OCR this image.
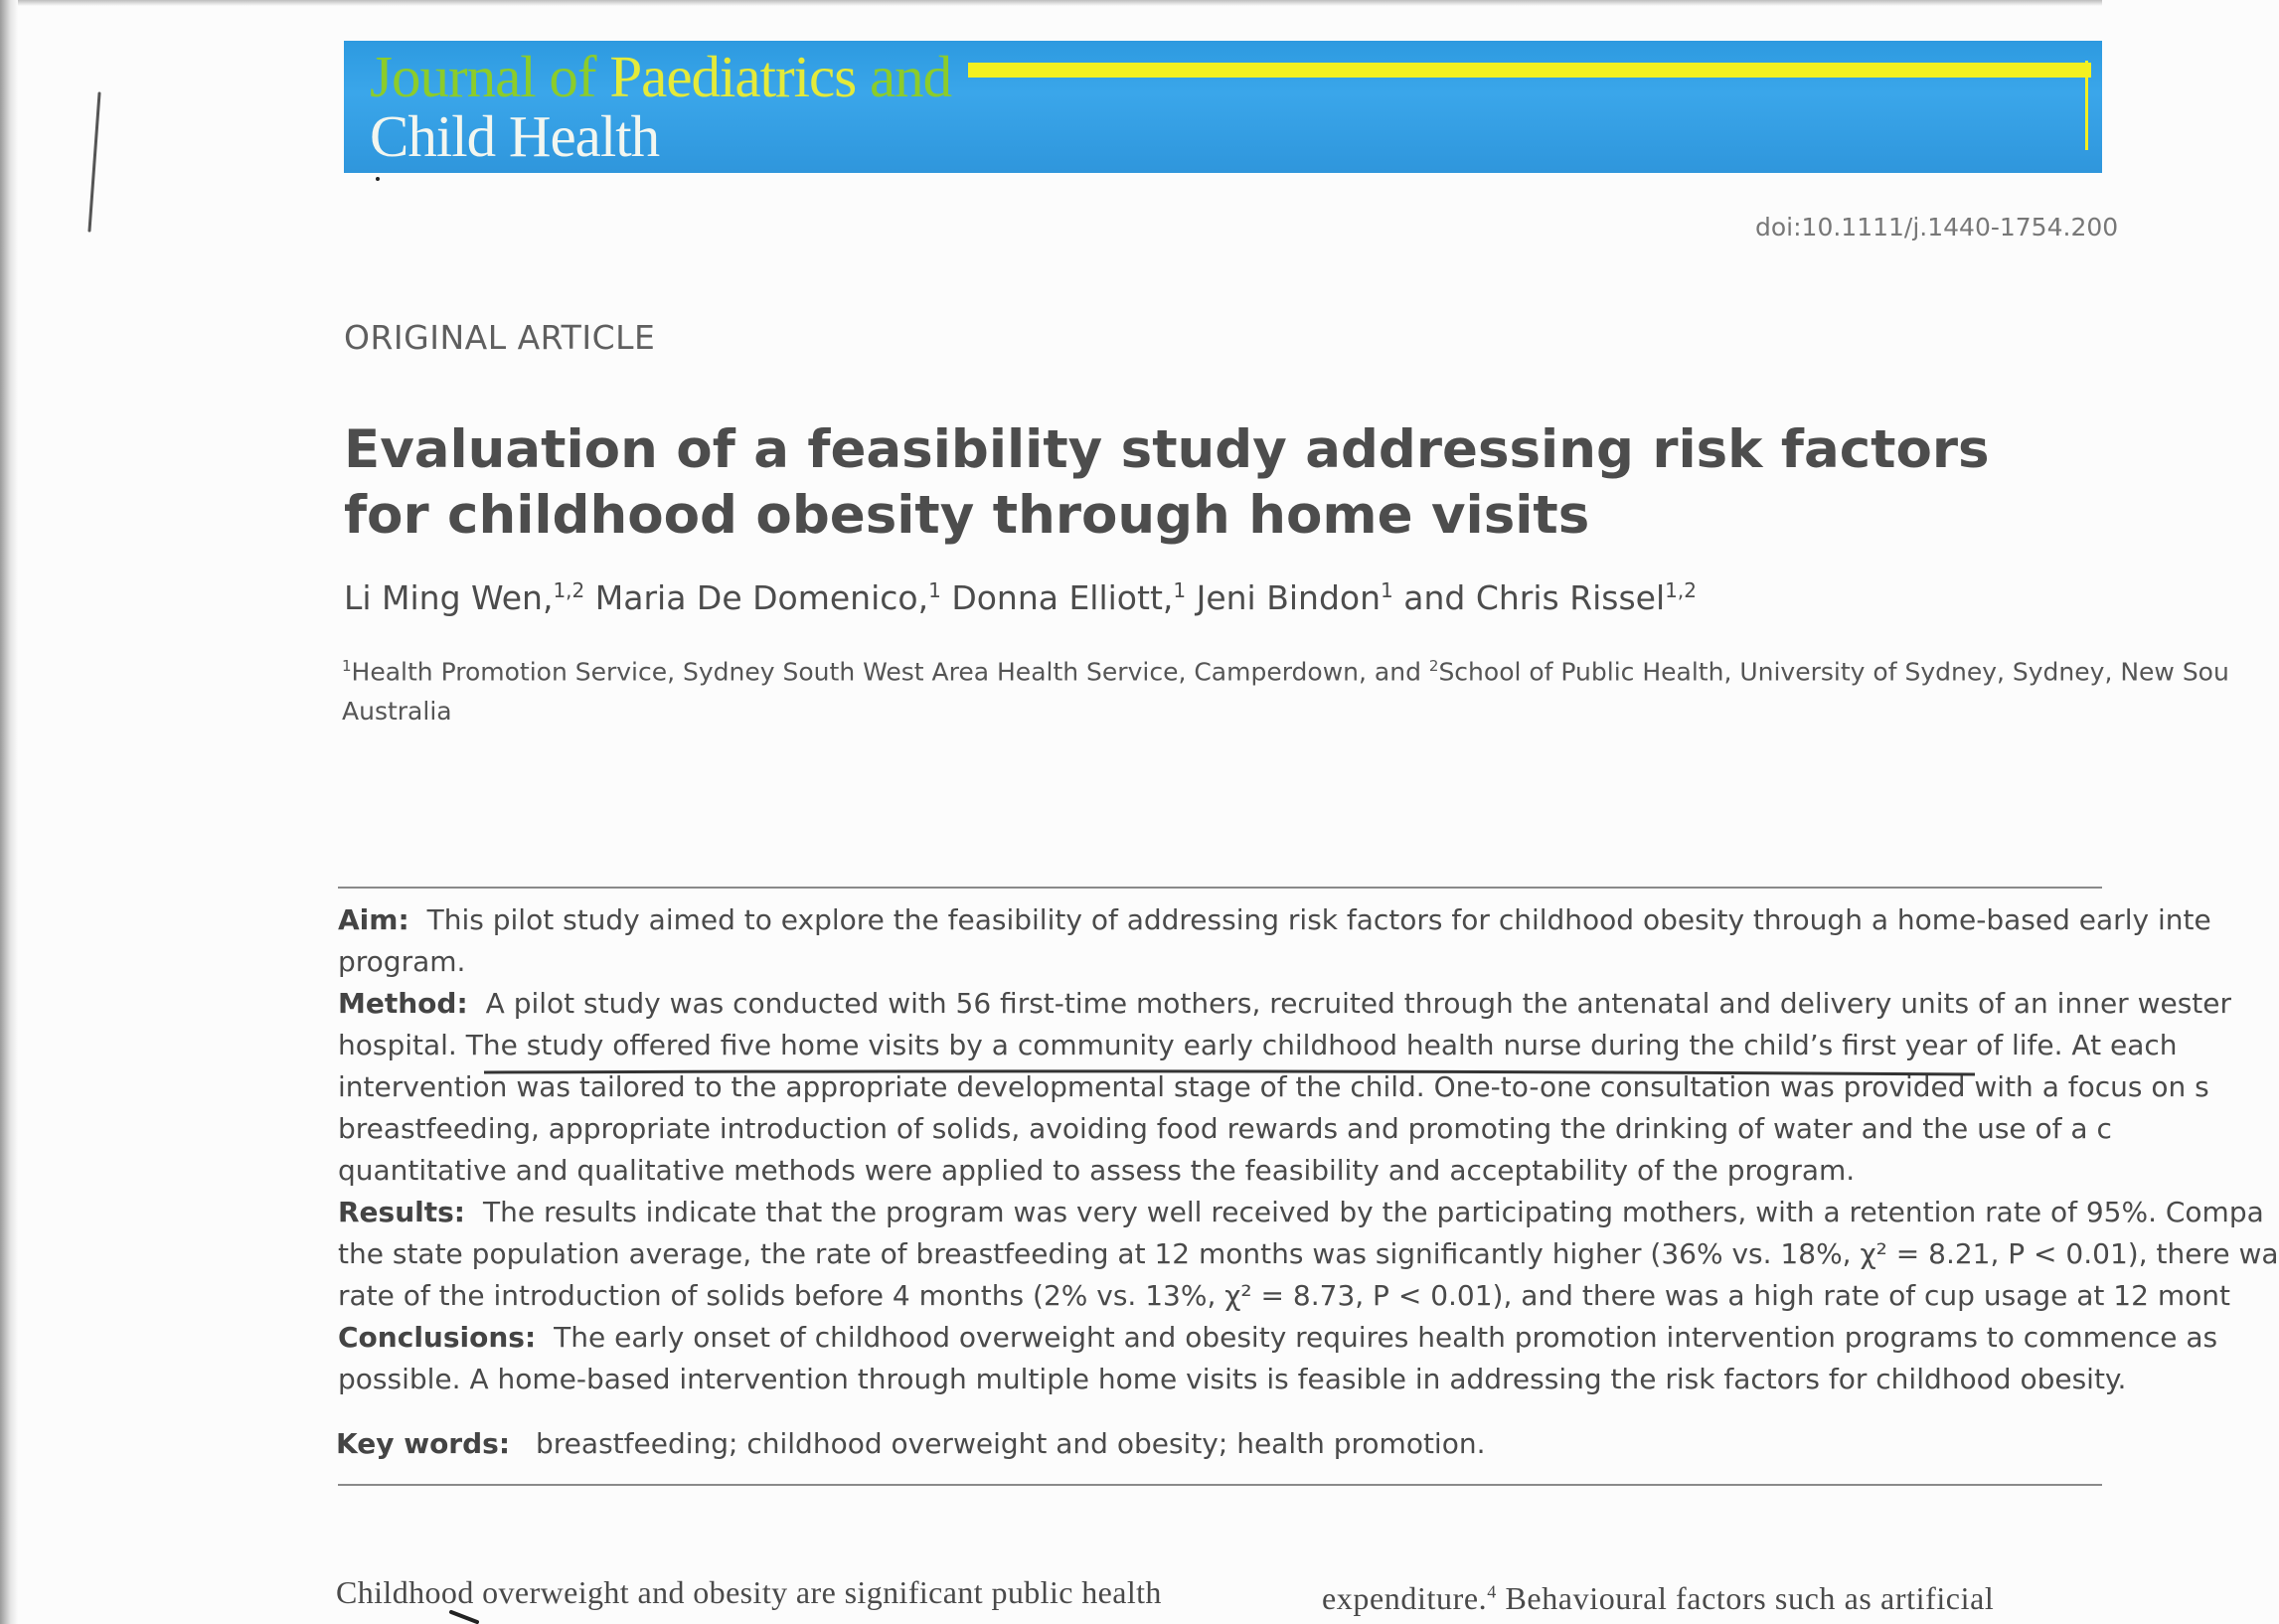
Journal of Paediatrics and
Child Health
doi:10.1111/j.1440-1754.200
ORIGINAL ARTICLE
Evaluation of a feasibility study addressing risk factors for childhood obesity through home visits
Li Ming Wen,$^{1,2}$ Maria De Domenico,$^1$ Donna Elliott,$^1$ Jeni Bindon$^1$ and Chris Rissel$^{1,2}$
$^1$Health Promotion Service, Sydney South West Area Health Service, Camperdown, and $^2$School of Public Health, University of Sydney, Sydney, New Sou
Australia

Aim: This pilot study aimed to explore the feasibility of addressing risk factors for childhood obesity through a home-based early inte

program.

Method: A pilot study was conducted with 56 first-time mothers, recruited through the antenatal and delivery units of an inner wester

hospital. The study offered five home visits by a community early childhood health nurse during the child’s first year of life. At each

intervention was tailored to the appropriate developmental stage of the child. One-to-one consultation was provided with a focus on s

breastfeeding, appropriate introduction of solids, avoiding food rewards and promoting the drinking of water and the use of a c

quantitative and qualitative methods were applied to assess the feasibility and acceptability of the program.

Results: The results indicate that the program was very well received by the participating mothers, with a retention rate of 95%. Compa

the state population average, the rate of breastfeeding at 12 months was significantly higher (36% vs. 18%, χ² = 8.21, P < 0.01), there wa

rate of the introduction of solids before 4 months (2% vs. 13%, χ² = 8.73, P < 0.01), and there was a high rate of cup usage at 12 mont

Conclusions: The early onset of childhood overweight and obesity requires health promotion intervention programs to commence as

possible. A home-based intervention through multiple home visits is feasible in addressing the risk factors for childhood obesity.

Key words: breastfeeding; childhood overweight and obesity; health promotion.
Childhood overweight and obesity are significant public health	expenditure.$^4$ Behavioural factors such as artificial
